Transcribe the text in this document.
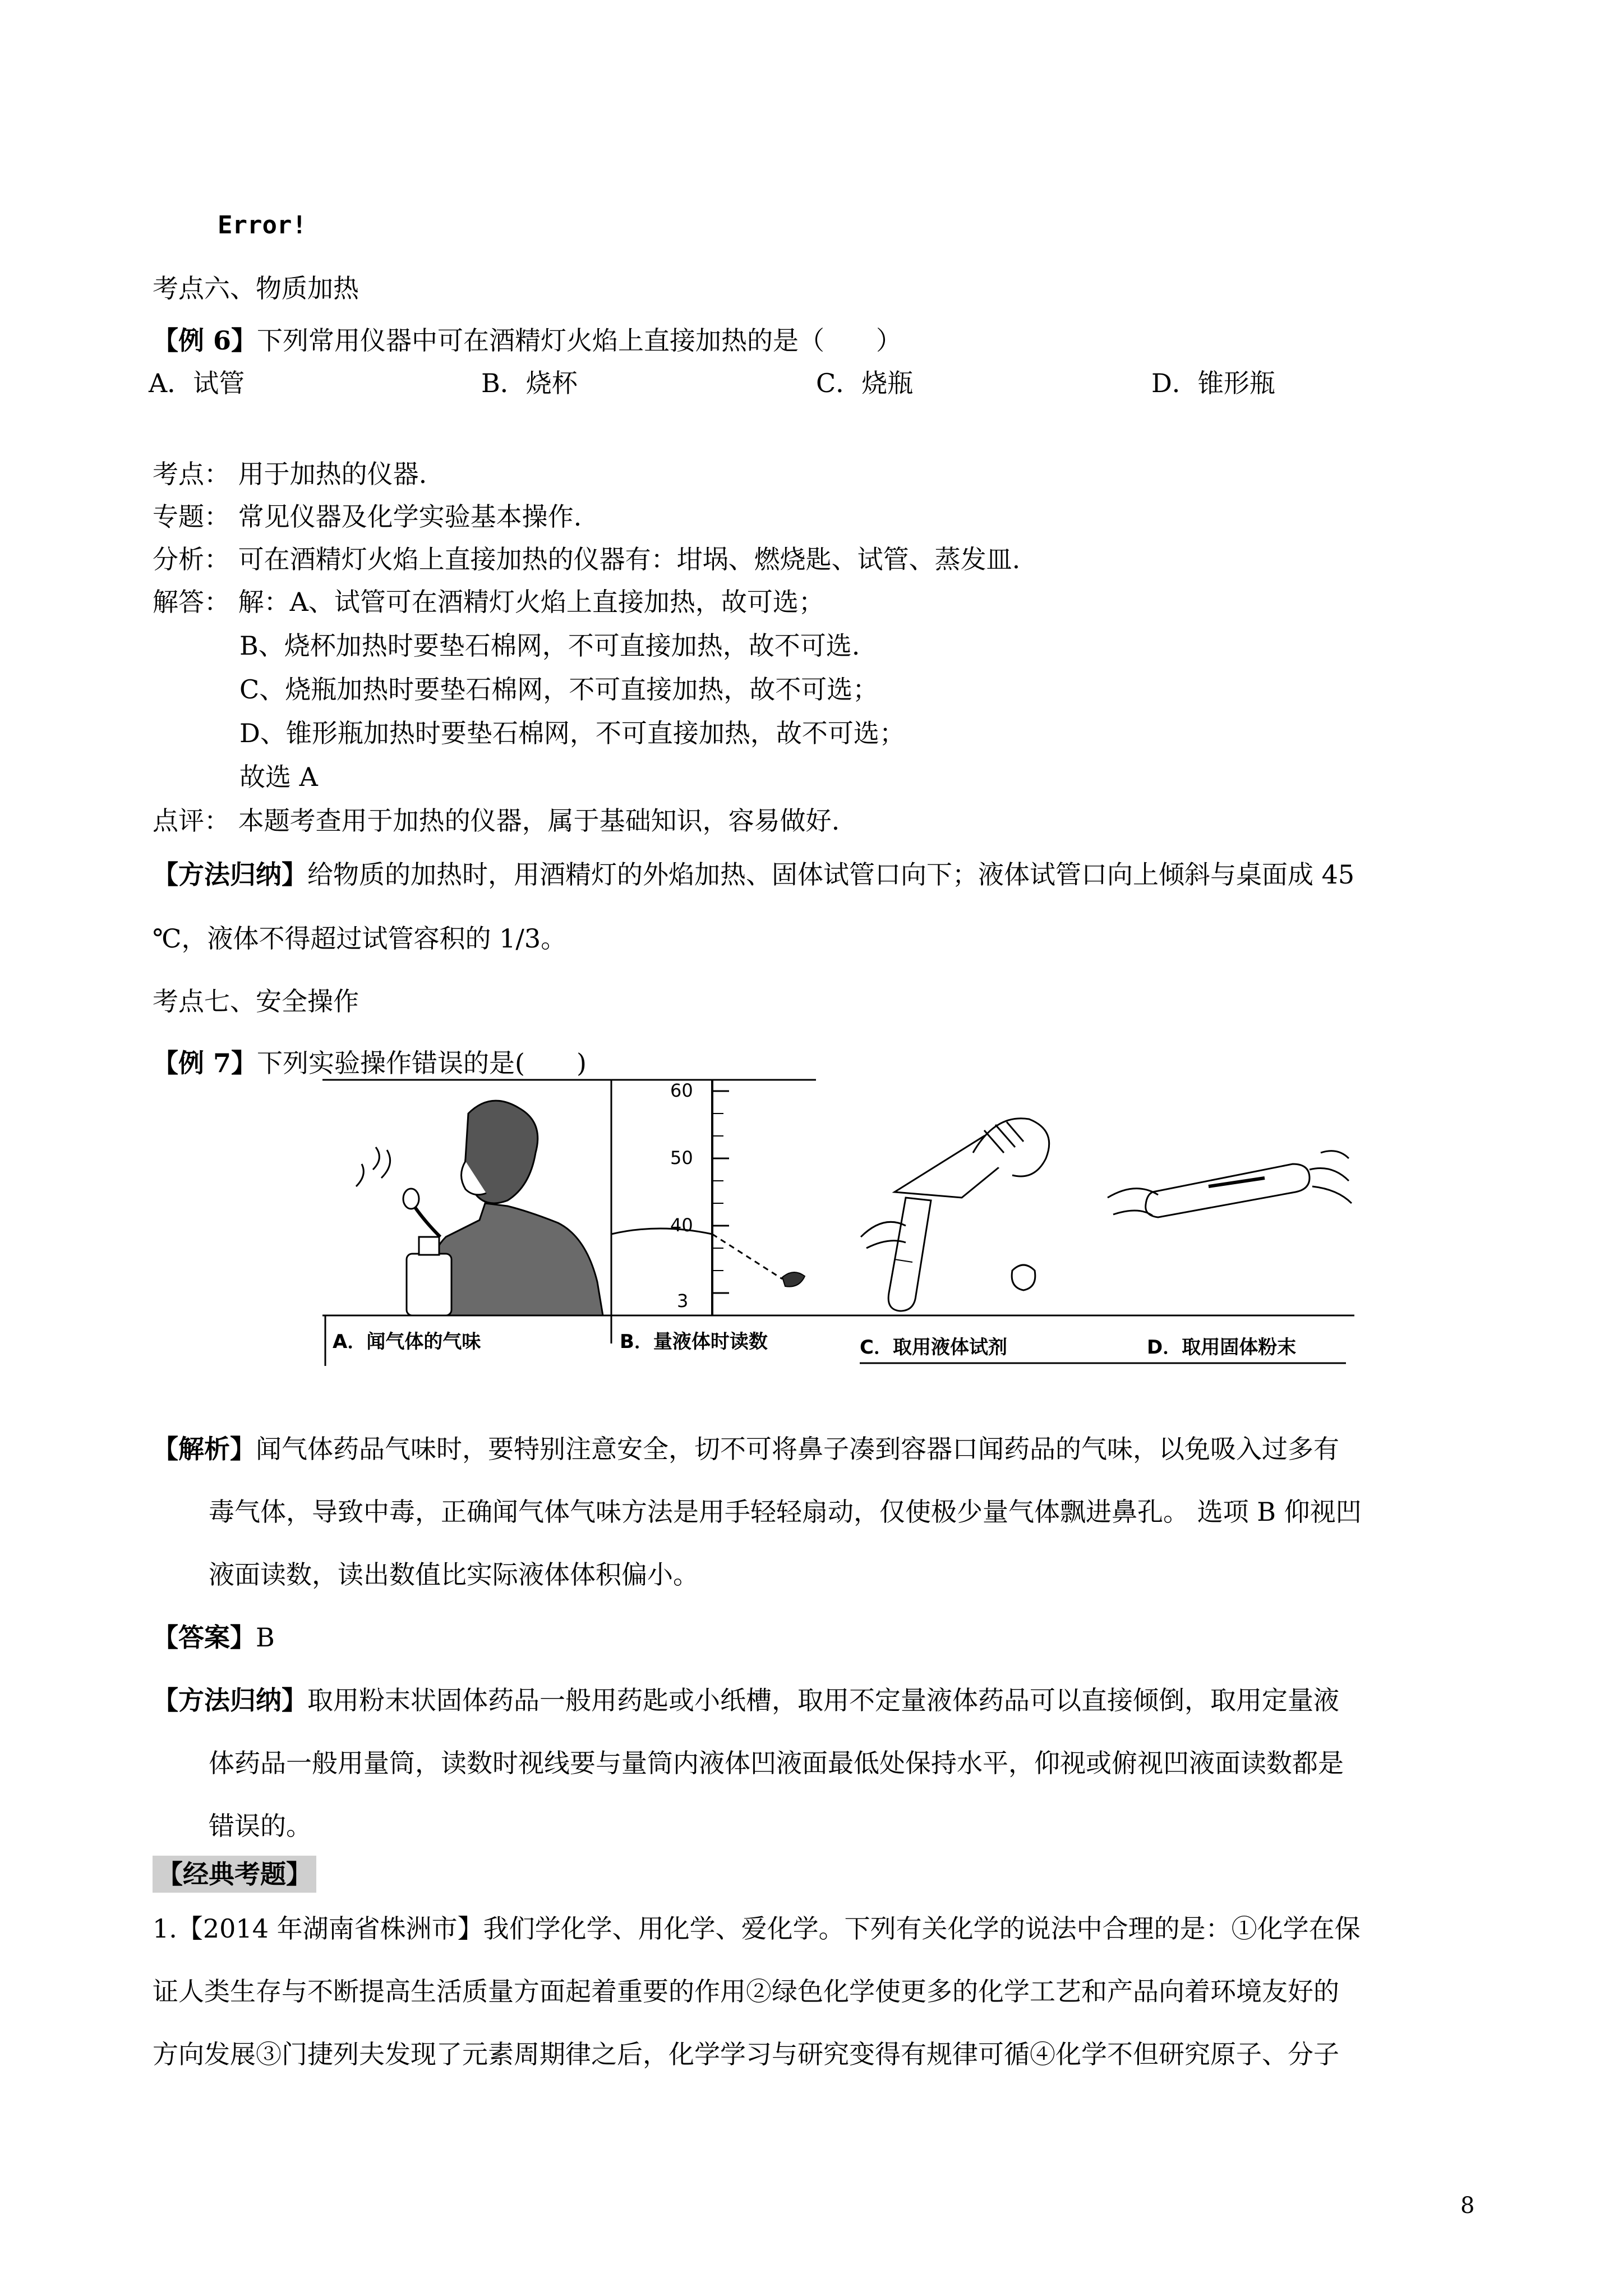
Error!
考点六、物质加热
【例 6】下列常用仪器中可在酒精灯火焰上直接加热的是（　　）
A．试管	B．烧杯	C．烧瓶	D．锥形瓶
考点： 用于加热的仪器.
专题： 常见仪器及化学实验基本操作.
分析： 可在酒精灯火焰上直接加热的仪器有：坩埚、燃烧匙、试管、蒸发皿.
解答： 解：A、试管可在酒精灯火焰上直接加热，故可选；
B、烧杯加热时要垫石棉网，不可直接加热，故不可选.
C、烧瓶加热时要垫石棉网，不可直接加热，故不可选；
D、锥形瓶加热时要垫石棉网，不可直接加热，故不可选；
故选 A
点评： 本题考查用于加热的仪器，属于基础知识，容易做好.
【方法归纳】给物质的加热时，用酒精灯的外焰加热、固体试管口向下；液体试管口向上倾斜与桌面成 45
℃，液体不得超过试管容积的 1/3。
考点七、安全操作
【例 7】下列实验操作错误的是(　　)
60
50
40
3
A．闻气体的气味	B．量液体时读数	C．取用液体试剂	D．取用固体粉末
【解析】闻气体药品气味时，要特别注意安全，切不可将鼻子凑到容器口闻药品的气味，以免吸入过多有
毒气体，导致中毒，正确闻气体气味方法是用手轻轻扇动，仅使极少量气体飘进鼻孔。 选项 B 仰视凹
液面读数，读出数值比实际液体体积偏小。
【答案】B
【方法归纳】取用粉末状固体药品一般用药匙或小纸槽，取用不定量液体药品可以直接倾倒，取用定量液
体药品一般用量筒，读数时视线要与量筒内液体凹液面最低处保持水平，仰视或俯视凹液面读数都是
错误的。
【经典考题】
1.【2014 年湖南省株洲市】我们学化学、用化学、爱化学。下列有关化学的说法中合理的是：①化学在保
证人类生存与不断提高生活质量方面起着重要的作用②绿色化学使更多的化学工艺和产品向着环境友好的
方向发展③门捷列夫发现了元素周期律之后，化学学习与研究变得有规律可循④化学不但研究原子、分子
8
